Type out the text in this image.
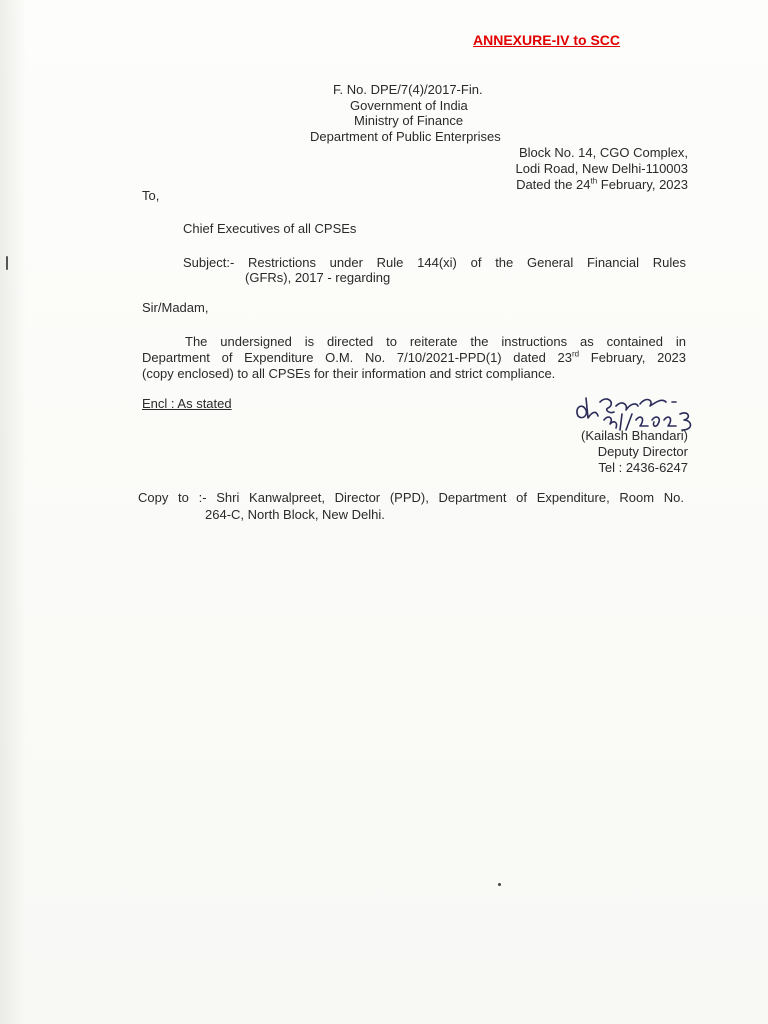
ANNEXURE-IV to SCC
F. No. DPE/7(4)/2017-Fin.
Government of India
Ministry of Finance
Department of Public Enterprises
Block No. 14, CGO Complex,
Lodi Road, New Delhi-110003
Dated the 24th February, 2023
To,
Chief Executives of all CPSEs
Subject:- Restrictions under Rule 144(xi) of the General Financial Rules
(GFRs), 2017 - regarding
Sir/Madam,
The undersigned is directed to reiterate the instructions as contained in
Department of Expenditure O.M. No. 7/10/2021-PPD(1) dated 23rd February, 2023
(copy enclosed) to all CPSEs for their information and strict compliance.
Encl : As stated
(Kailash Bhandari)
Deputy Director
Tel : 2436-6247
Copy to :- Shri Kanwalpreet, Director (PPD), Department of Expenditure, Room No.
264-C, North Block, New Delhi.
